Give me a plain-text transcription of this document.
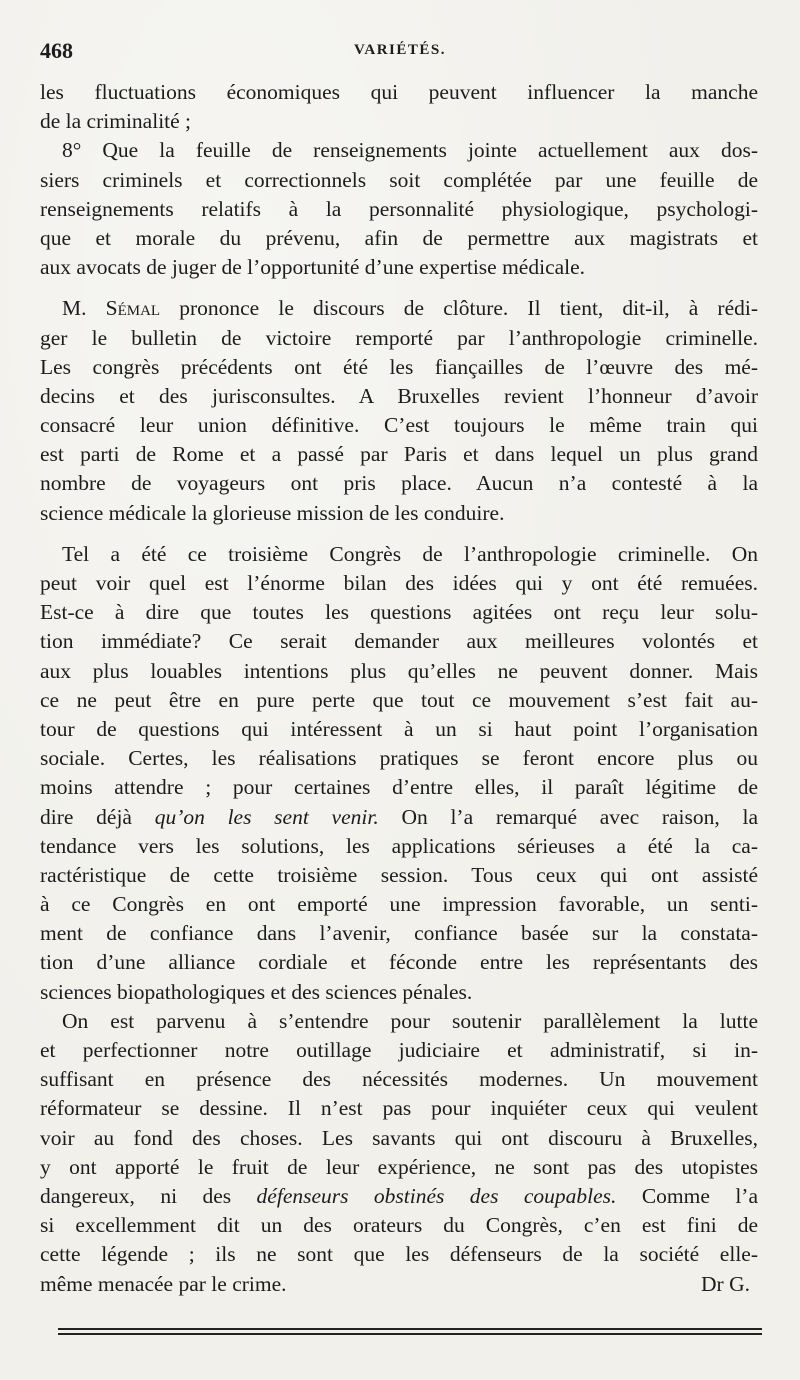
468	VARIÉTÉS.
les fluctuations économiques qui peuvent influencer la manche
de la criminalité ;
8° Que la feuille de renseignements jointe actuellement aux dos-
siers criminels et correctionnels soit complétée par une feuille de
renseignements relatifs à la personnalité physiologique, psychologi-
que et morale du prévenu, afin de permettre aux magistrats et
aux avocats de juger de l’opportunité d’une expertise médicale.
M. Sémal prononce le discours de clôture. Il tient, dit-il, à rédi-
ger le bulletin de victoire remporté par l’anthropologie criminelle.
Les congrès précédents ont été les fiançailles de l’œuvre des mé-
decins et des jurisconsultes. A Bruxelles revient l’honneur d’avoir
consacré leur union définitive. C’est toujours le même train qui
est parti de Rome et a passé par Paris et dans lequel un plus grand
nombre de voyageurs ont pris place. Aucun n’a contesté à la
science médicale la glorieuse mission de les conduire.
Tel a été ce troisième Congrès de l’anthropologie criminelle. On
peut voir quel est l’énorme bilan des idées qui y ont été remuées.
Est-ce à dire que toutes les questions agitées ont reçu leur solu-
tion immédiate? Ce serait demander aux meilleures volontés et
aux plus louables intentions plus qu’elles ne peuvent donner. Mais
ce ne peut être en pure perte que tout ce mouvement s’est fait au-
tour de questions qui intéressent à un si haut point l’organisation
sociale. Certes, les réalisations pratiques se feront encore plus ou
moins attendre ; pour certaines d’entre elles, il paraît légitime de
dire déjà qu’on les sent venir. On l’a remarqué avec raison, la
tendance vers les solutions, les applications sérieuses a été la ca-
ractéristique de cette troisième session. Tous ceux qui ont assisté
à ce Congrès en ont emporté une impression favorable, un senti-
ment de confiance dans l’avenir, confiance basée sur la constata-
tion d’une alliance cordiale et féconde entre les représentants des
sciences biopathologiques et des sciences pénales.
On est parvenu à s’entendre pour soutenir parallèlement la lutte
et perfectionner notre outillage judiciaire et administratif, si in-
suffisant en présence des nécessités modernes. Un mouvement
réformateur se dessine. Il n’est pas pour inquiéter ceux qui veulent
voir au fond des choses. Les savants qui ont discouru à Bruxelles,
y ont apporté le fruit de leur expérience, ne sont pas des utopistes
dangereux, ni des défenseurs obstinés des coupables. Comme l’a
si excellemment dit un des orateurs du Congrès, c’en est fini de
cette légende ; ils ne sont que les défenseurs de la société elle-
même menacée par le crime.	Dr G.
